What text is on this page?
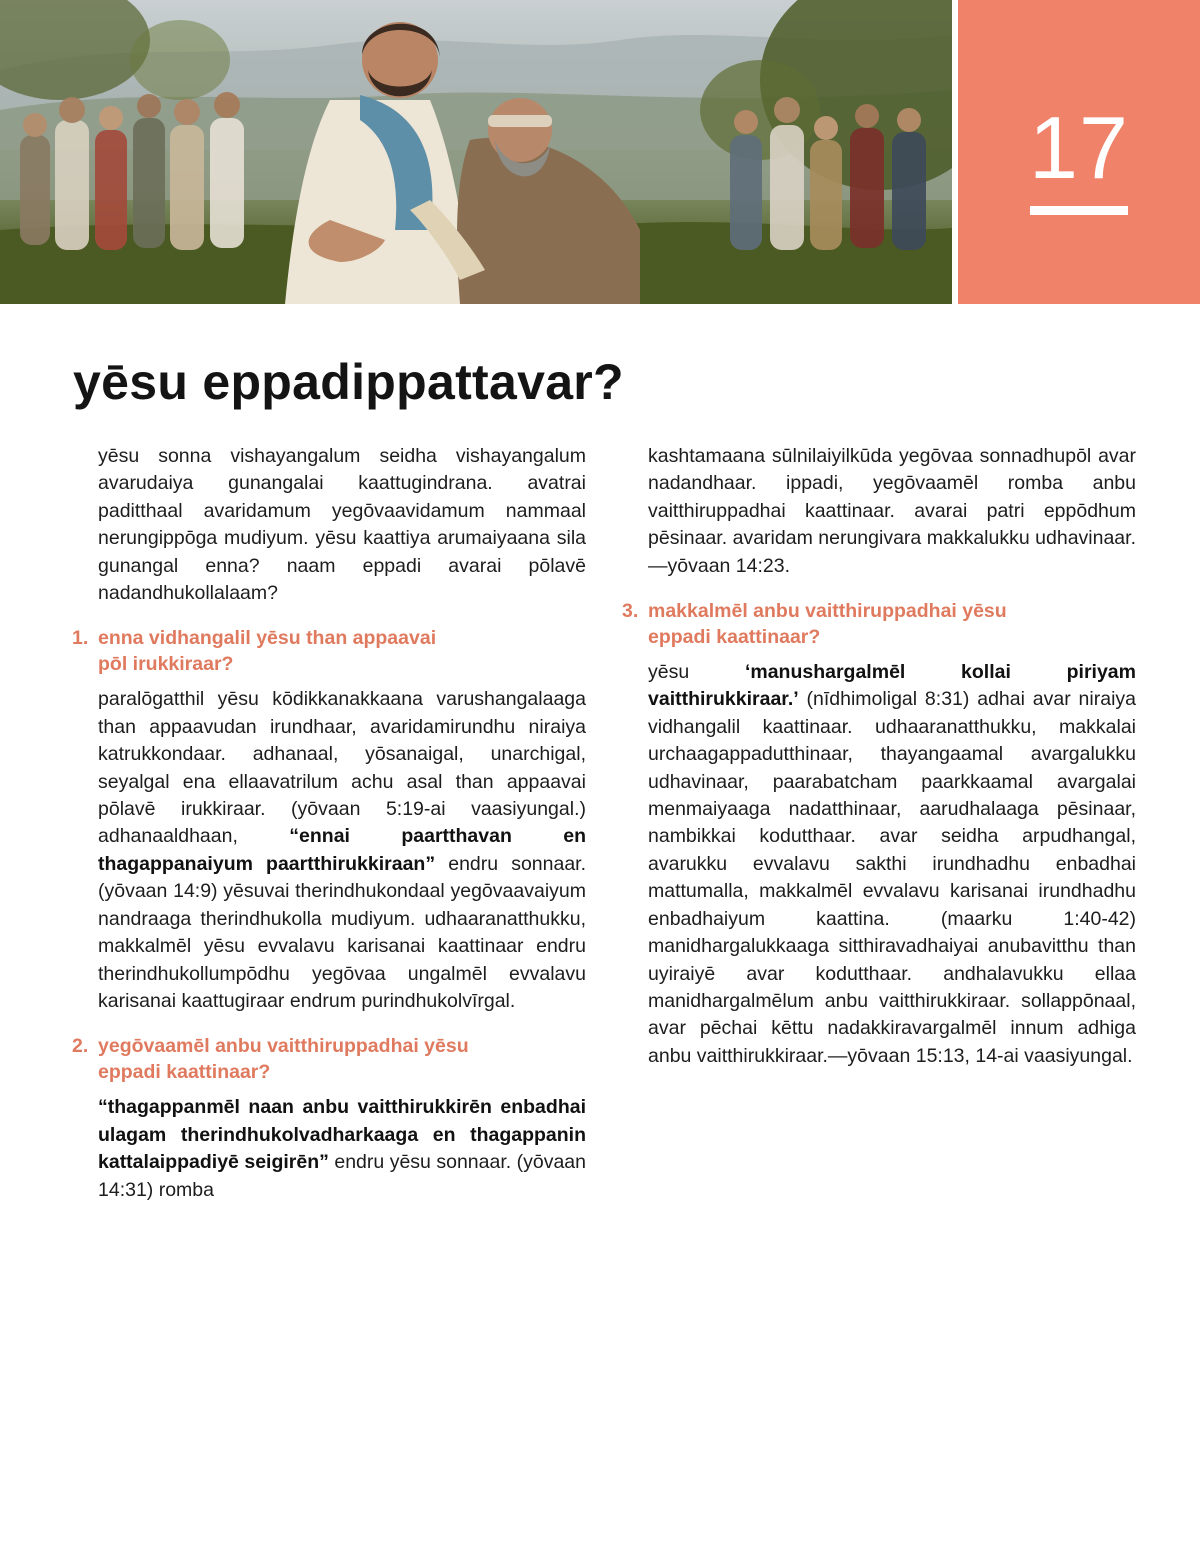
17
yēsu eppadippattavar?

yēsu sonna vishayangalum seidha vishayangalum avarudaiya gunangalai kaattugindrana. avatrai paditthaal avaridamum yegōvaavidamum nammaal nerungippōga mudiyum. yēsu kaattiya arumaiyaana sila gunangal enna? naam eppadi avarai pōlavē nadandhukollalaam?

1. enna vidhangalil yēsu than appaavai
pōl irukkiraar?

paralōgatthil yēsu kōdikkanakkaana varushangalaaga than appaavudan irundhaar, avaridamirundhu niraiya katrukkondaar. adhanaal, yōsanaigal, unarchigal, seyalgal ena ellaavatrilum achu asal than appaavai pōlavē irukkiraar. (yōvaan 5:19-ai vaasiyungal.) adhanaaldhaan,	“ennai paartthavan en thagappanaiyum paartthirukkiraan” endru sonnaar. (yōvaan 14:9) yēsuvai therindhukondaal yegōvaavaiyum nandraaga therindhukolla mudiyum. udhaaranatthukku, makkalmēl yēsu evvalavu karisanai kaattinaar endru therindhukollumpōdhu yegōvaa ungalmēl evvalavu karisanai kaattugiraar endrum purindhukolvīrgal.

2. yegōvaamēl anbu vaitthiruppadhai yēsu
eppadi kaattinaar?

“thagappanmēl naan anbu vaitthirukkirēn enbadhai ulagam therindhukolvadharkaaga en thagappanin kattalaippadiyē seigirēn” endru yēsu sonnaar. (yōvaan 14:31) romba

kashtamaana sūlnilaiyilkūda yegōvaa sonnadhupōl avar nadandhaar. ippadi, yegōvaamēl romba anbu vaitthiruppadhai kaattinaar. avarai patri eppōdhum pēsinaar. avaridam nerungivara makkalukku udhavinaar.—yōvaan 14:23.

3. makkalmēl anbu vaitthiruppadhai yēsu
eppadi kaattinaar?

yēsu	‘manushargalmēl kollai piriyam vaitthirukkiraar.’ (nīdhimoligal 8:31) adhai avar niraiya vidhangalil kaattinaar. udhaaranatthukku, makkalai urchaagappadutthinaar, thayangaamal avargalukku udhavinaar, paarabatcham paarkkaamal avargalai menmaiyaaga nadatthinaar, aarudhalaaga pēsinaar, nambikkai kodutthaar. avar seidha arpudhangal, avarukku evvalavu sakthi irundhadhu enbadhai mattumalla, makkalmēl evvalavu karisanai irundhadhu enbadhaiyum kaattina. (maarku 1:40-42) manidhargalukkaaga sitthiravadhaiyai anubavitthu than uyiraiyē avar kodutthaar. andhalavukku ellaa manidhargalmēlum anbu vaitthirukkiraar. sollappōnaal, avar pēchai kēttu nadakkiravargalmēl innum adhiga anbu vaitthirukkiraar.—yōvaan 15:13, 14-ai vaasiyungal.
